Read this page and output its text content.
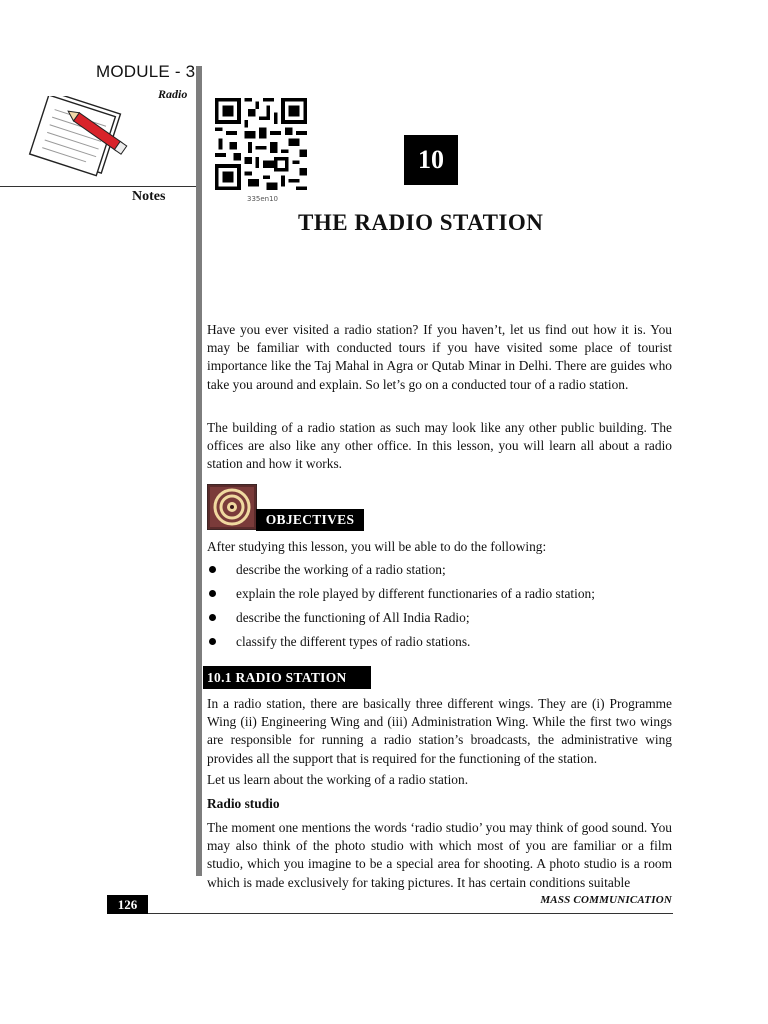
MODULE - 3
Radio
Notes	335en10
10
THE RADIO STATION
Have you ever visited a radio station? If you haven’t, let us find out how it is. You may be familiar with conducted tours if you have visited some place of tourist importance like the Taj Mahal in Agra or Qutab Minar in Delhi. There are guides who take you around and explain. So let’s go on a conducted tour of a radio station.
The building of a radio station as such may look like any other public building. The offices are also like any other office. In this lesson, you will learn all about a radio station and how it works.
OBJECTIVES
After studying this lesson, you will be able to do the following:
describe the working of a radio station;
explain the role played by different functionaries of a radio station;
describe the functioning of All India Radio;
classify the different types of radio stations.
10.1 RADIO STATION
In a radio station, there are basically three different wings. They are (i) Programme Wing (ii) Engineering Wing and (iii) Administration Wing. While the first two wings are responsible for running a radio station’s broadcasts, the administrative wing provides all the support that is required for the functioning of the station.
Let us learn about the working of a radio station.
Radio studio
The moment one mentions the words ‘radio studio’ you may think of good sound. You may also think of the photo studio with which most of you are familiar or a film studio, which you imagine to be a special area for shooting. A photo studio is a room which is made exclusively for taking pictures. It has certain conditions suitable
126	MASS COMMUNICATION
